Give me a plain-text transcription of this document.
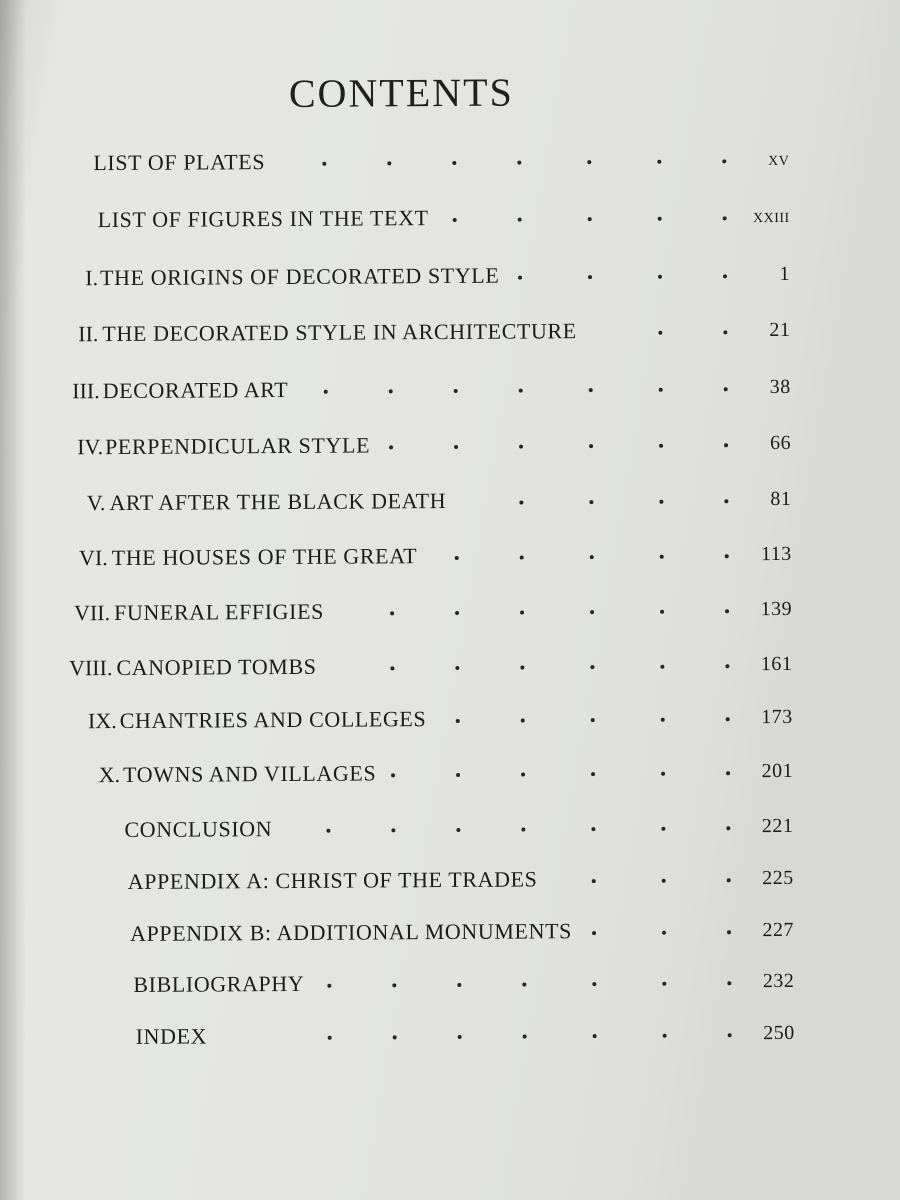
CONTENTS
LIST OF PLATES	xv
LIST OF FIGURES IN THE TEXT	xxiii
I. THE ORIGINS OF DECORATED STYLE	1
II. THE DECORATED STYLE IN ARCHITECTURE	21
III. DECORATED ART	38
IV. PERPENDICULAR STYLE	66
V. ART AFTER THE BLACK DEATH	81
VI. THE HOUSES OF THE GREAT	113
VII. FUNERAL EFFIGIES	139
VIII. CANOPIED TOMBS	161
IX. CHANTRIES AND COLLEGES	173
X. TOWNS AND VILLAGES	201
CONCLUSION	221
APPENDIX A: CHRIST OF THE TRADES	225
APPENDIX B: ADDITIONAL MONUMENTS	227
BIBLIOGRAPHY	232
INDEX	250
